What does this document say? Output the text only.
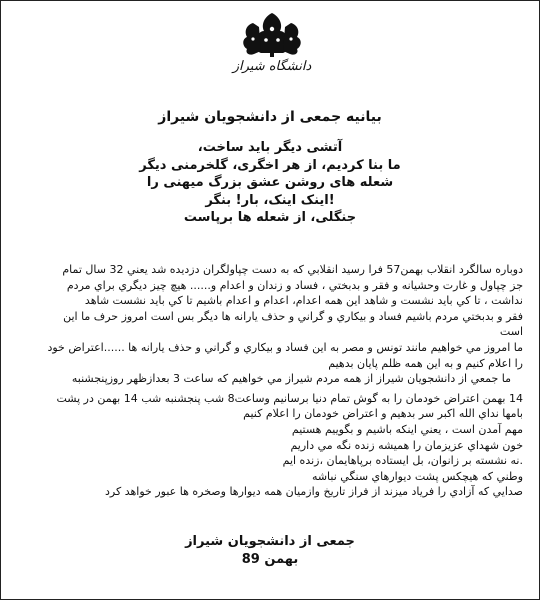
دانشگاه شیراز
بیانیه جمعی از دانشجویان شیراز
آتشی دیگر باید ساخت،
ما بنا کردیم، از هر اخگری، گلخرمنی دیگر
شعله های روشن عشق بزرگ میهنی را
!اینک اینک، بار! بنگر
جنگلی، از شعله ها برپاست
دوباره سالگرد انقلاب بهمن57 فرا رسید انقلابي که به دست چپاولگران دزديده شد يعني 32 سال تمام
جز چپاول و غارت وحشيانه و فقر و بدبختي ، فساد و زندان و اعدام و...... هيچ چيز ديگري براي مردم
نداشت ، تا کي بايد نشست و شاهد اين همه اعدام، اعدام و اعدام باشيم تا کي بايد نشست شاهد
فقر و بدبختي مردم باشيم فساد و بيکاري و گراني و حذف يارانه ها ديگر بس است امروز حرف ما اين
است
ما امروز مي خواهيم مانند تونس و مصر به اين فساد و بيکاري و گراني و حذف يارانه ها ......اعتراض خود
را اعلام کنيم و به اين همه ظلم پايان بدهيم
ما جمعي از دانشجويان شيراز از همه مردم شيراز مي خواهيم که ساعت 3 بعدازظهر روزپنجشنبه
14 بهمن اعتراض خودمان را به گوش تمام دنيا برسانيم وساعت8 شب پنجشنبه شب 14 بهمن در پشت
بامها نداي الله اکبر سر بدهيم و اعتراض خودمان را اعلام کنيم
مهم آمدن است ، يعني اينکه باشيم و بگوييم هستيم
خون شهداي عزيزمان را هميشه زنده نگه مي داريم
.نه نشسته بر زانوان، بل ايستاده برپاهايمان ،زنده ايم
وطني که هيچکس پشت ديوارهاي سنگي نباشه
صدايي که آزادي را فرياد ميزند از فراز تاريخ وازميان همه ديوارها وصخره ها عبور خواهد کرد
جمعی از دانشجویان شیراز
بهمن 89
